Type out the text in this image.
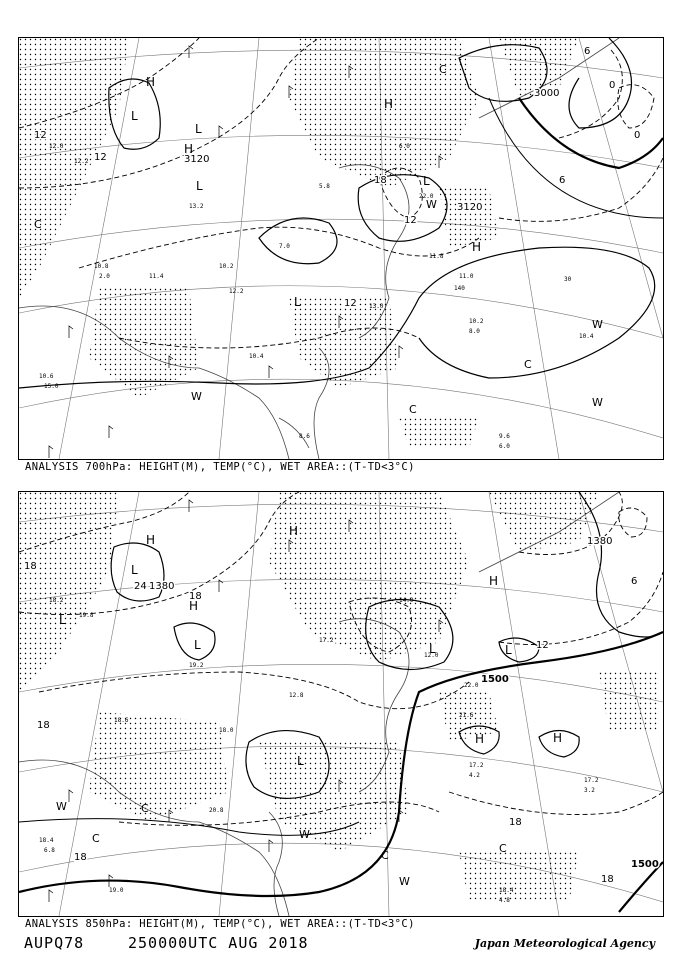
12.0
12.2
10.8
2.0	11.4
13.2
10.2
12.2
7.0
5.8
6.0
22.0
11.8
11.0
10.2
8.0
8.6	9.6
6.0
10.4
10.6
15.0
13.0
10.4
3000
3120
3120
12
12
12
12
6
6
0
0
30
140
18
H
H
H
H
L
L
L
L
L
C
C
C
C
W
W
W
W
ANALYSIS 700hPa: HEIGHT(M), TEMP(°C), WET AREA::(T-TD<3°C)
18.2
19.8
18.6
19.2
18.0
12.8
17.2
14.0
12.0
22.0
21.6
17.2
4.2
18.4
4.8
17.2
3.2
18.4
6.8
19.0
20.8
1380
1380
1500
1500
24
18
18
18
18
18
18
12
6
H
H
H
H
H	H
L
L
L	L	L
L
C
C
C
C
W
W
W
ANALYSIS 850hPa: HEIGHT(M), TEMP(°C), WET AREA::(T-TD<3°C)
AUPQ78	250000UTC AUG 2018	Japan Meteorological Agency
